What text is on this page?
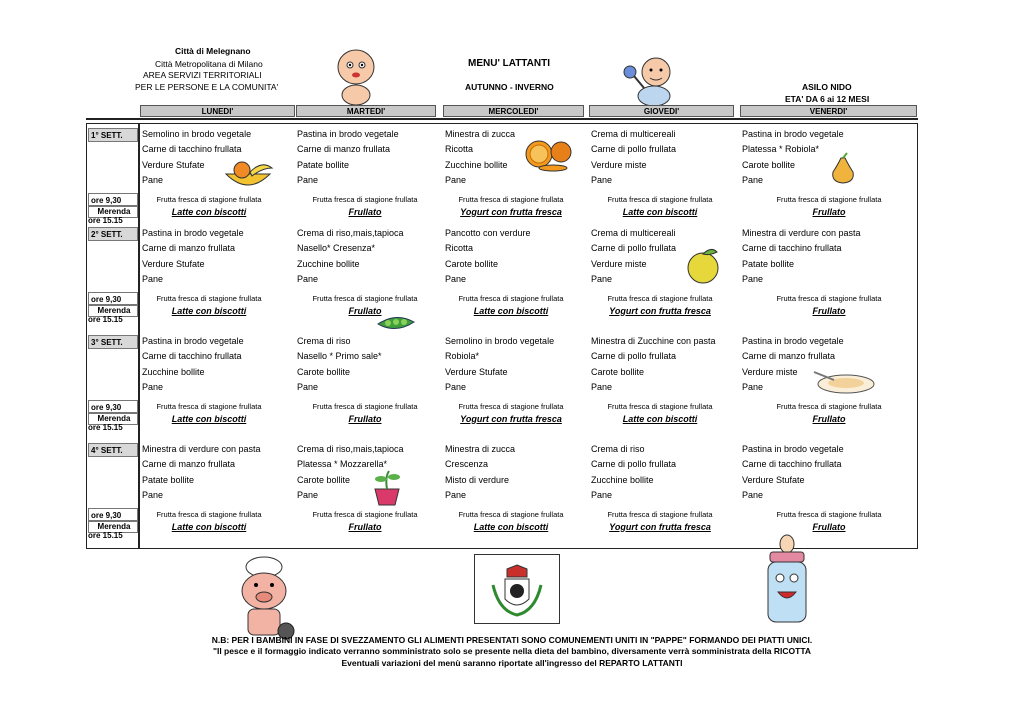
Città di Melegnano
Città Metropolitana di Milano
AREA SERVIZI TERRITORIALI
PER LE PERSONE E LA COMUNITA'
MENU' LATTANTI
AUTUNNO - INVERNO	ASILO NIDO
ETA' DA 6 ai 12 MESI
LUNEDI'	MARTEDI'	MERCOLEDI'	GIOVEDI'	VENERDI'
1° SETT.	Semolino in brodo vegetale	Pastina in brodo vegetale	Minestra di zucca	Crema di multicereali	Pastina in brodo vegetale
Carne di tacchino frullata	Carne di manzo frullata	Ricotta	Carne di pollo frullata	Platessa * Robiola*
Verdure Stufate	Patate bollite	Zucchine bollite	Verdure miste	Carote bollite
Pane	Pane	Pane	Pane	Pane
ore 9,30	Frutta fresca di stagione frullata	Frutta fresca di stagione frullata	Frutta fresca di stagione frullata	Frutta fresca di stagione frullata	Frutta fresca di stagione frullata
Merenda	Latte con biscotti	Frullato	Yogurt con frutta fresca	Latte con biscotti	Frullato
ore 15.15
2° SETT.	Pastina in brodo vegetale	Crema di riso,mais,tapioca	Pancotto con verdure	Crema di multicereali	Minestra di verdure con pasta
Carne di manzo frullata	Nasello* Cresenza*	Ricotta	Carne di pollo frullata	Carne di tacchino frullata
Verdure Stufate	Zucchine bollite	Carote bollite	Verdure miste	Patate bollite
Pane	Pane	Pane	Pane	Pane
ore 9,30	Frutta fresca di stagione frullata	Frutta fresca di stagione frullata	Frutta fresca di stagione frullata	Frutta fresca di stagione frullata	Frutta fresca di stagione frullata
Merenda	Latte con biscotti	Frullato	Latte con biscotti	Yogurt con frutta fresca	Frullato
ore 15.15
3° SETT.	Pastina in brodo vegetale	Crema di riso	Semolino in brodo vegetale	Minestra di Zucchine con pasta	Pastina in brodo vegetale
Carne di tacchino frullata	Nasello * Primo sale*	Robiola*	Carne di pollo frullata	Carne di manzo frullata
Zucchine bollite	Carote bollite	Verdure Stufate	Carote bollite	Verdure miste
Pane	Pane	Pane	Pane	Pane
ore 9,30	Frutta fresca di stagione frullata	Frutta fresca di stagione frullata	Frutta fresca di stagione frullata	Frutta fresca di stagione frullata	Frutta fresca di stagione frullata
Merenda	Latte con biscotti	Frullato	Yogurt con frutta fresca	Latte con biscotti	Frullato
ore 15.15
4° SETT.	Minestra di verdure con pasta	Crema di riso,mais,tapioca	Minestra di zucca	Crema di riso	Pastina in brodo vegetale
Carne di manzo frullata	Platessa * Mozzarella*	Crescenza	Carne di pollo frullata	Carne di tacchino frullata
Patate bollite	Carote bollite	Misto di verdure	Zucchine bollite	Verdure Stufate
Pane	Pane	Pane	Pane	Pane
ore 9,30	Frutta fresca di stagione frullata	Frutta fresca di stagione frullata	Frutta fresca di stagione frullata	Frutta fresca di stagione frullata	Frutta fresca di stagione frullata
Merenda	Latte con biscotti	Frullato	Latte con biscotti	Yogurt con frutta fresca	Frullato
ore 15.15
N.B: PER I BAMBINI IN FASE DI SVEZZAMENTO GLI ALIMENTI PRESENTATI SONO COMUNEMENTI UNITI IN "PAPPE" FORMANDO DEI PIATTI UNICI.
"Il pesce e il formaggio indicato verranno somministrato solo se presente nella dieta del bambino, diversamente verrà somministrata della RICOTTA
Eventuali variazioni del menù saranno riportate all'ingresso del REPARTO LATTANTI
